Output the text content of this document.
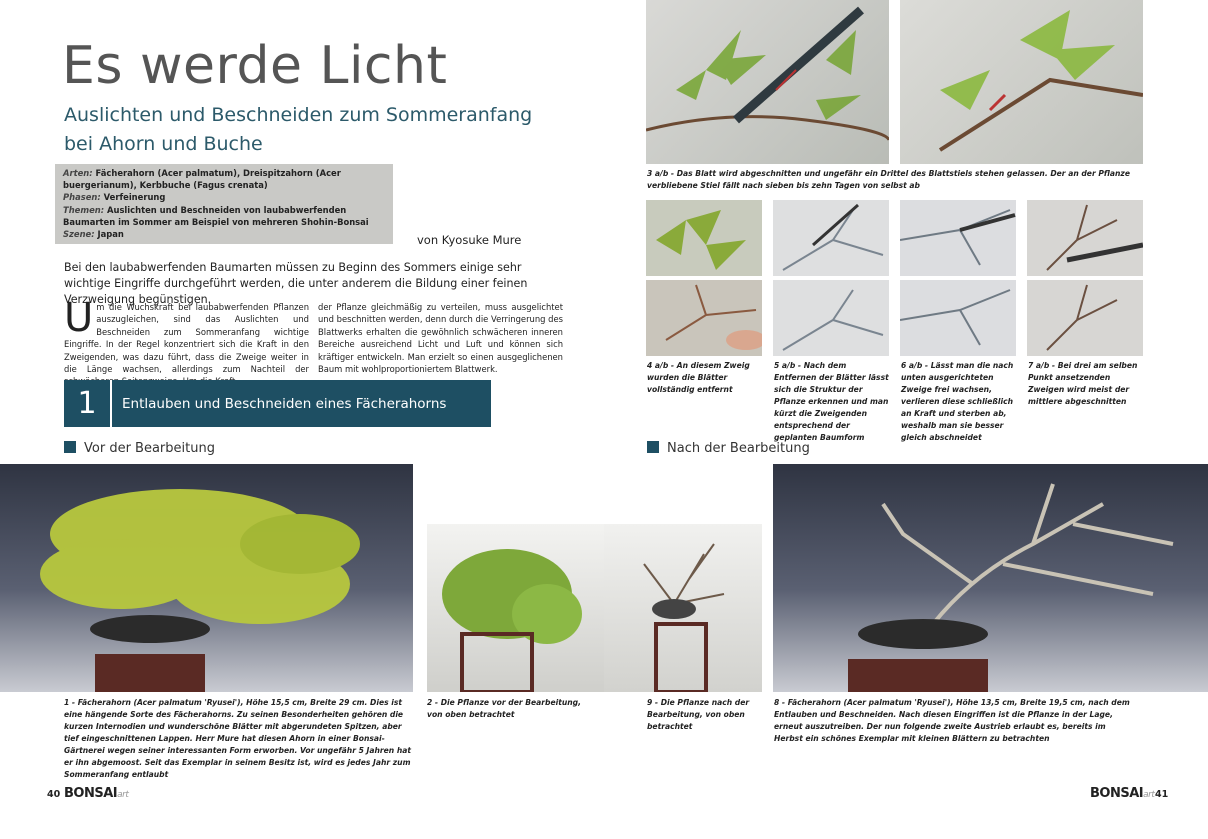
Es werde Licht
Auslichten und Beschneiden zum Sommeranfang bei Ahorn und Buche
Arten: Fächerahorn (Acer palmatum), Dreispitzahorn (Acer buergerianum), Kerbbuche (Fagus crenata)
Phasen: Verfeinerung
Themen: Auslichten und Beschneiden von laubabwerfenden Baumarten im Sommer am Beispiel von mehreren Shohin-Bonsai
Szene: Japan	von Kyosuke Mure
Bei den laubabwerfenden Baumarten müssen zu Beginn des Sommers einige sehr wichtige Eingriffe durchgeführt werden, die unter anderem die Bildung einer feinen Verzweigung begünstigen.
Um die Wuchskraft bei laubabwerfenden Pflanzen auszugleichen, sind das Auslichten und Beschneiden zum Sommeranfang wichtige Eingriffe. In der Regel konzentriert sich die Kraft in den Zweigenden, was dazu führt, dass die Zweige weiter in die Länge wachsen, allerdings zum Nachteil der
der Pflanze gleichmäßig zu verteilen, muss ausgelichtet und beschnitten werden, denn durch die Verringerung des Blattwerks erhalten die gewöhnlich schwächeren inneren Bereiche ausreichend Licht und Luft und können sich kräftiger entwickeln. Man erzielt so einen ausgeglichenen Baum mit wohlproportioniertem Blattwerk.
1	Entlauben und Beschneiden eines Fächerahorns
Vor der Bearbeitung	Nach der Bearbeitung
3 a/b - Das Blatt wird abgeschnitten und ungefähr ein Drittel des Blattstiels stehen gelassen. Der an der Pflanze verbliebene Stiel fällt nach sieben bis zehn Tagen von selbst ab
4 a/b - An diesem Zweig wurden die Blätter vollständig entfernt
5 a/b - Nach dem Entfernen der Blätter lässt sich die Struktur der Pflanze erkennen und man kürzt die Zweigenden entsprechend der geplanten Baumform
6 a/b - Lässt man die nach unten ausgerichteten Zweige frei wachsen, verlieren diese schließlich an Kraft und sterben ab, weshalb man sie besser gleich abschneidet
7 a/b - Bei drei am selben Punkt ansetzenden Zweigen wird meist der mittlere abgeschnitten
1 - Fächerahorn (Acer palmatum 'Ryusei'), Höhe 15,5 cm, Breite 29 cm. Dies ist eine hängende Sorte des Fächerahorns. Zu seinen Besonderheiten gehören die kurzen Internodien und wunderschöne Blätter mit abgerundeten Spitzen, aber tief eingeschnittenen Lappen. Herr Mure hat diesen Ahorn in einer Bonsai-Gärtnerei wegen seiner interessanten Form erworben. Vor ungefähr 5 Jahren hat er ihn abgemoost. Seit das Exemplar in seinem Besitz ist, wird es jedes Jahr zum Sommeranfang entlaubt
2 - Die Pflanze vor der Bearbeitung, von oben betrachtet
9 - Die Pflanze nach der Bearbeitung, von oben betrachtet
8 - Fächerahorn (Acer palmatum 'Ryusei'), Höhe 13,5 cm, Breite 19,5 cm, nach dem Entlauben und Beschneiden. Nach diesen Eingriffen ist die Pflanze in der Lage, erneut auszutreiben. Der nun folgende zweite Austrieb erlaubt es, bereits im Herbst ein schönes Exemplar mit kleinen Blättern zu betrachten
40 BONSAIart	BONSAIart 41
